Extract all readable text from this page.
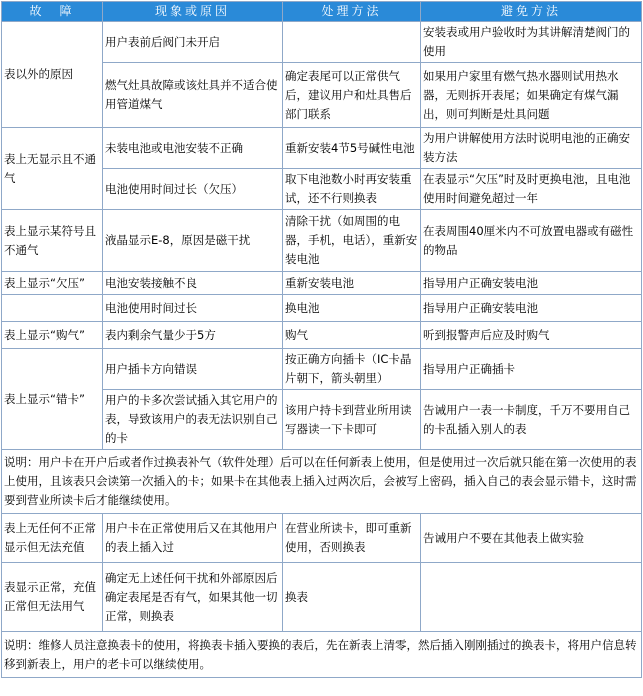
故　障	现象或原因	处理方法	避免方法
表以外的原因	用户表前后阀门未开启		安装表或用户验收时为其讲解清楚阀门的使用
	燃气灶具故障或该灶具并不适合使用管道煤气	确定表尾可以正常供气后，建议用户和灶具售后部门联系	如果用户家里有燃气热水器则试用热水器，无则拆开表尾；如果确定有煤气漏出，则可判断是灶具问题
表上无显示且不通气	未装电池或电池安装不正确	重新安装4节5号碱性电池	为用户讲解使用方法时说明电池的正确安装方法
	电池使用时间过长（欠压）	取下电池数小时再安装重试，还不行则换表	在表显示“欠压”时及时更换电池，且电池使用时间避免超过一年
表上显示某符号且不通气	液晶显示E-8，原因是磁干扰	清除干扰（如周围的电器，手机，电话），重新安装电池	在表周围40厘米内不可放置电器或有磁性的物品
表上显示“欠压”	电池安装接触不良	重新安装电池	指导用户正确安装电池
	电池使用时间过长	换电池	指导用户正确安装电池
表上显示“购气”	表内剩余气量少于5方	购气	听到报警声后应及时购气
表上显示“错卡”	用户插卡方向错误	按正确方向插卡（IC卡晶片朝下，箭头朝里）	指导用户正确插卡
	用户的卡多次尝试插入其它用户的表，导致该用户的表无法识别自己的卡	该用户持卡到营业所用读写器读一下卡即可	告诫用户一表一卡制度，千万不要用自己的卡乱插入别人的表
说明：用户卡在开户后或者作过换表补气（软件处理）后可以在任何新表上使用，但是使用过一次后就只能在第一次使用的表上使用，且该表只会读第一次插入的卡；如果卡在其他表上插入过两次后，会被写上密码，插入自己的表会显示错卡，这时需要到营业所读卡后才能继续使用。			
表上无任何不正常显示但无法充值	用户卡在正常使用后又在其他用户的表上插入过	在营业所读卡，即可重新使用，否则换表	告诫用户不要在其他表上做实验
表显示正常，充值正常但无法用气	确定无上述任何干扰和外部原因后确定表尾是否有气，如果其他一切正常，则换表	换表	
说明：维修人员注意换表卡的使用，将换表卡插入要换的表后，先在新表上清零，然后插入刚刚插过的换表卡，将用户信息转移到新表上，用户的老卡可以继续使用。			
